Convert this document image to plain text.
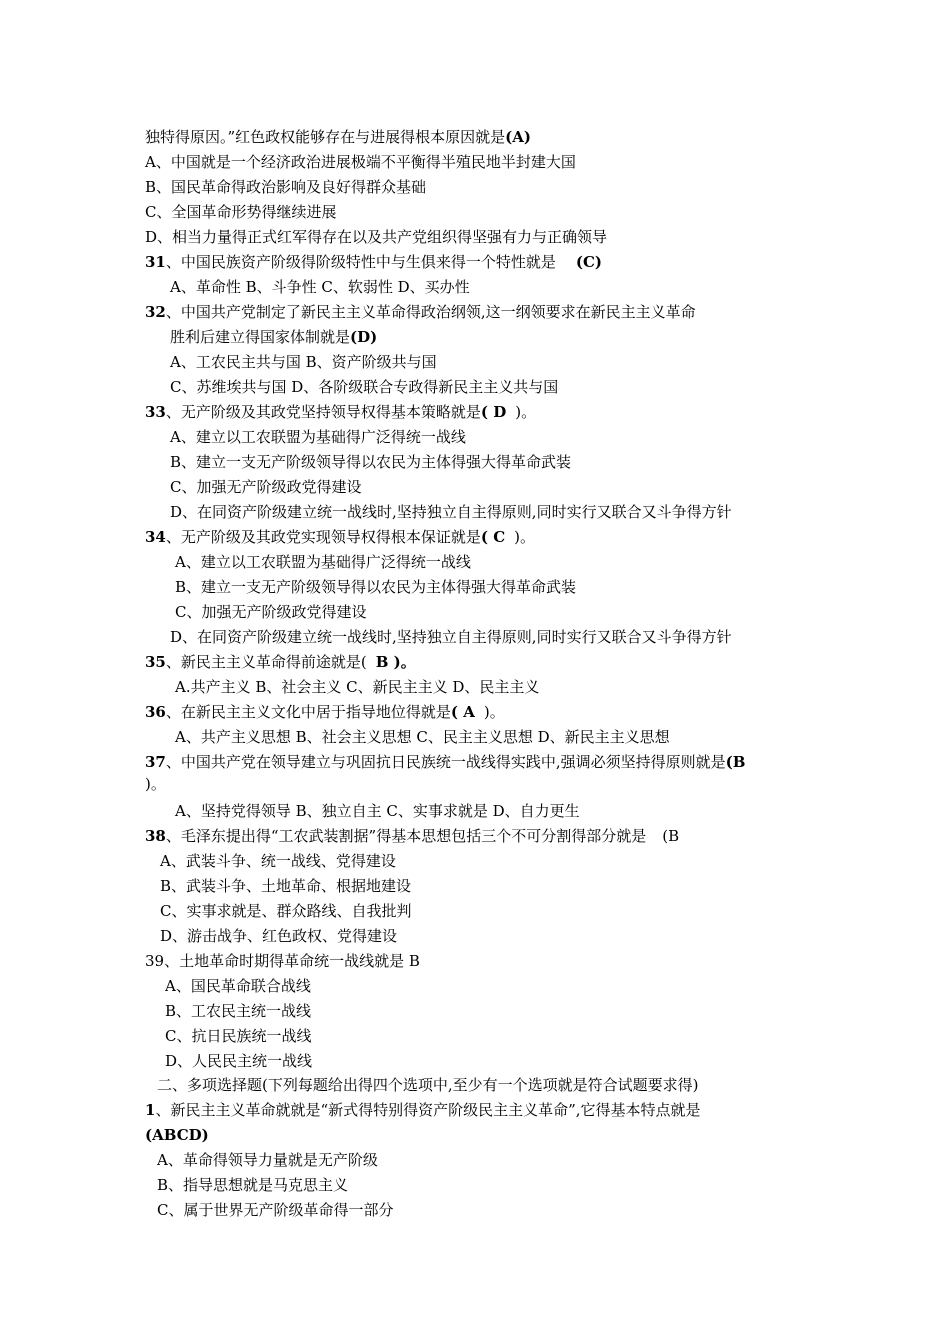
独特得原因。”红色政权能够存在与进展得根本原因就是(A)
A、中国就是一个经济政治进展极端不平衡得半殖民地半封建大国
B、国民革命得政治影响及良好得群众基础
C、全国革命形势得继续进展
D、相当力量得正式红军得存在以及共产党组织得坚强有力与正确领导
31、中国民族资产阶级得阶级特性中与生俱来得一个特性就是 (C)
A、革命性 B、斗争性 C、软弱性 D、买办性
32、中国共产党制定了新民主主义革命得政治纲领,这一纲领要求在新民主主义革命
胜利后建立得国家体制就是(D)
A、工农民主共与国 B、资产阶级共与国
C、苏维埃共与国 D、各阶级联合专政得新民主主义共与国
33、无产阶级及其政党坚持领导权得基本策略就是( D )。
A、建立以工农联盟为基础得广泛得统一战线
B、建立一支无产阶级领导得以农民为主体得强大得革命武装
C、加强无产阶级政党得建设
D、在同资产阶级建立统一战线时,坚持独立自主得原则,同时实行又联合又斗争得方针
34、无产阶级及其政党实现领导权得根本保证就是( C )。
A、建立以工农联盟为基础得广泛得统一战线
B、建立一支无产阶级领导得以农民为主体得强大得革命武装
C、加强无产阶级政党得建设
D、在同资产阶级建立统一战线时,坚持独立自主得原则,同时实行又联合又斗争得方针
35、新民主主义革命得前途就是( B )。
A.共产主义 B、社会主义 C、新民主主义 D、民主主义
36、在新民主主义文化中居于指导地位得就是( A )。
A、共产主义思想 B、社会主义思想 C、民主主义思想 D、新民主主义思想
37、中国共产党在领导建立与巩固抗日民族统一战线得实践中,强调必须坚持得原则就是(B
)。
A、坚持党得领导 B、独立自主 C、实事求就是 D、自力更生
38、毛泽东提出得“工农武装割据”得基本思想包括三个不可分割得部分就是 (B
A、武装斗争、统一战线、党得建设
B、武装斗争、土地革命、根据地建设
C、实事求就是、群众路线、自我批判
D、游击战争、红色政权、党得建设
39、土地革命时期得革命统一战线就是 B
A、国民革命联合战线
B、工农民主统一战线
C、抗日民族统一战线
D、人民民主统一战线
二、多项选择题(下列每题给出得四个选项中,至少有一个选项就是符合试题要求得)
1、新民主主义革命就就是“新式得特别得资产阶级民主主义革命”,它得基本特点就是
(ABCD)
A、革命得领导力量就是无产阶级
B、指导思想就是马克思主义
C、属于世界无产阶级革命得一部分
